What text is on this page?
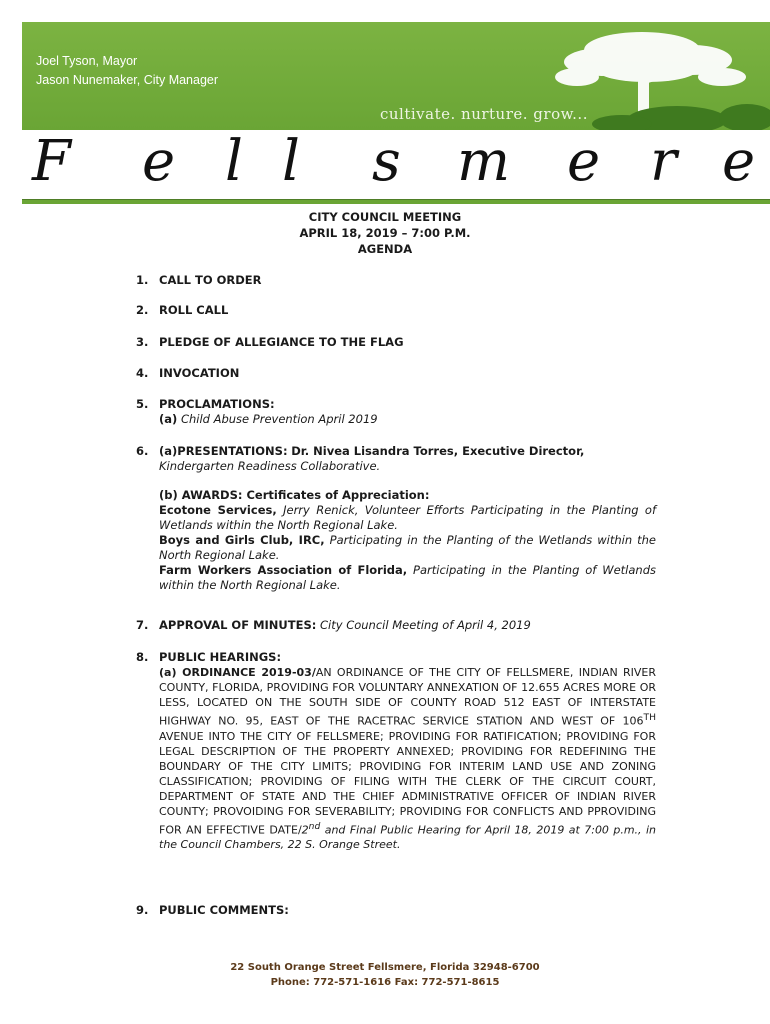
Joel Tyson, Mayor
Jason Nunemaker, City Manager
cultivate. nurture. grow...
F e l l s m e r e
CITY COUNCIL MEETING
APRIL 18, 2019 – 7:00 P.M.
AGENDA
1. CALL TO ORDER
2. ROLL CALL
3. PLEDGE OF ALLEGIANCE TO THE FLAG
4. INVOCATION
5. PROCLAMATIONS:
(a) Child Abuse Prevention April 2019
6. (a)PRESENTATIONS: Dr. Nivea Lisandra Torres, Executive Director,
Kindergarten Readiness Collaborative.
(b) AWARDS: Certificates of Appreciation:
Ecotone Services, Jerry Renick, Volunteer Efforts Participating in the Planting of Wetlands within the North Regional Lake.
Boys and Girls Club, IRC, Participating in the Planting of the Wetlands within the North Regional Lake.
Farm Workers Association of Florida, Participating in the Planting of Wetlands within the North Regional Lake.
7. APPROVAL OF MINUTES: City Council Meeting of April 4, 2019
8. PUBLIC HEARINGS:
(a) ORDINANCE 2019-03/AN ORDINANCE OF THE CITY OF FELLSMERE, INDIAN RIVER COUNTY, FLORIDA, PROVIDING FOR VOLUNTARY ANNEXATION OF 12.655 ACRES MORE OR LESS, LOCATED ON THE SOUTH SIDE OF COUNTY ROAD 512 EAST OF INTERSTATE HIGHWAY NO. 95, EAST OF THE RACETRAC SERVICE STATION AND WEST OF 106TH AVENUE INTO THE CITY OF FELLSMERE; PROVIDING FOR RATIFICATION; PROVIDING FOR LEGAL DESCRIPTION OF THE PROPERTY ANNEXED; PROVIDING FOR REDEFINING THE BOUNDARY OF THE CITY LIMITS; PROVIDING FOR INTERIM LAND USE AND ZONING CLASSIFICATION; PROVIDING OF FILING WITH THE CLERK OF THE CIRCUIT COURT, DEPARTMENT OF STATE AND THE CHIEF ADMINISTRATIVE OFFICER OF INDIAN RIVER COUNTY; PROVOIDING FOR SEVERABILITY; PROVIDING FOR CONFLICTS AND PPROVIDING FOR AN EFFECTIVE DATE/2nd and Final Public Hearing for April 18, 2019 at 7:00 p.m., in the Council Chambers, 22 S. Orange Street.
9. PUBLIC COMMENTS:
22 South Orange Street Fellsmere, Florida 32948-6700
Phone: 772-571-1616 Fax: 772-571-8615
